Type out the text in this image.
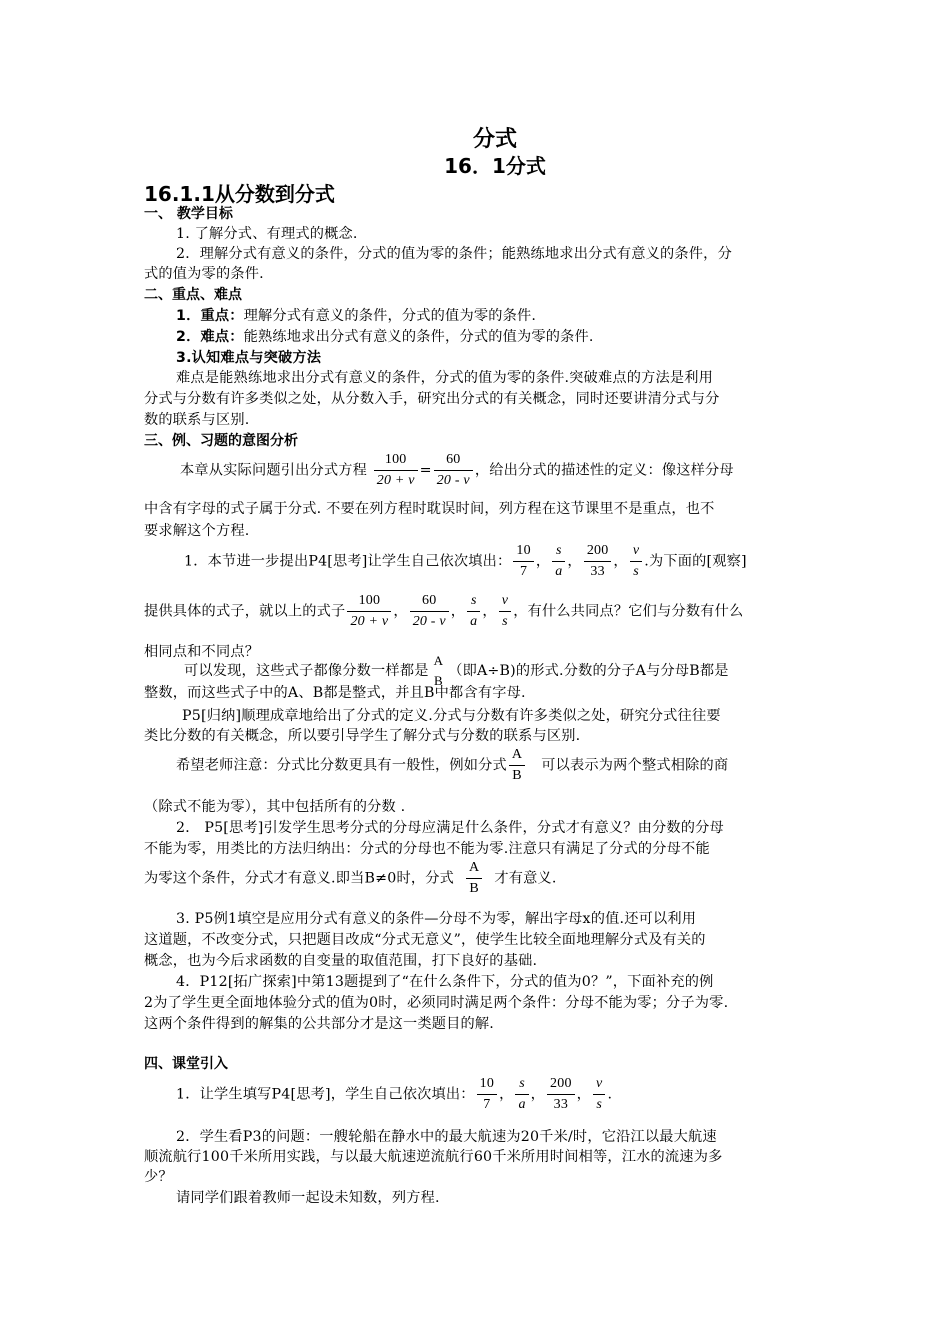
分式
16．1分式
16.1.1从分数到分式
一、 教学目标
1. 了解分式、有理式的概念.
2．理解分式有意义的条件，分式的值为零的条件；能熟练地求出分式有意义的条件，分
式的值为零的条件.
二、重点、难点
1．重点：理解分式有意义的条件，分式的值为零的条件.
2．难点：能熟练地求出分式有意义的条件，分式的值为零的条件.
3.认知难点与突破方法
难点是能熟练地求出分式有意义的条件，分式的值为零的条件.突破难点的方法是利用
分式与分数有许多类似之处，从分数入手，研究出分式的有关概念，同时还要讲清分式与分
数的联系与区别.
三、例、习题的意图分析
本章从实际问题引出分式方程 $\frac{100}{20 + v} = \frac{60}{20 - v}$ ，给出分式的描述性的定义：像这样分母
中含有字母的式子属于分式. 不要在列方程时耽误时间，列方程在这节课里不是重点，也不
要求解这个方程.
1．本节进一步提出P4[思考]让学生自己依次填出： $\frac{10}{7}$ ， $\frac{s}{a}$ ， $\frac{200}{33}$ ， $\frac{v}{s}$ .为下面的[观察]
提供具体的式子，就以上的式子 $\frac{100}{20 + v}$ ， $\frac{60}{20 - v}$ ， $\frac{s}{a}$ ， $\frac{v}{s}$ ，有什么共同点？它们与分数有什么
相同点和不同点？
可以发现，这些式子都像分数一样都是
A
B
（即A÷B)的形式.分数的分子A与分母B都是
整数，而这些式子中的A、B都是整式，并且B中都含有字母.
P5[归纳]顺理成章地给出了分式的定义.分式与分数有许多类似之处，研究分式往往要
类比分数的有关概念，所以要引导学生了解分式与分数的联系与区别.
希望老师注意：分式比分数更具有一般性，例如分式 $\frac{A}{B}$ 可以表示为两个整式相除的商
（除式不能为零），其中包括所有的分数 .
2． P5[思考]引发学生思考分式的分母应满足什么条件，分式才有意义？由分数的分母
不能为零，用类比的方法归纳出：分式的分母也不能为零.注意只有满足了分式的分母不能
为零这个条件，分式才有意义.即当B≠0时，分式 $\frac{A}{B}$ 才有意义.
3. P5例1填空是应用分式有意义的条件—分母不为零，解出字母x的值.还可以利用
这道题，不改变分式，只把题目改成“分式无意义”，使学生比较全面地理解分式及有关的
概念，也为今后求函数的自变量的取值范围，打下良好的基础.
4．P12[拓广探索]中第13题提到了“在什么条件下，分式的值为0？”，下面补充的例
2为了学生更全面地体验分式的值为0时，必须同时满足两个条件：分母不能为零；分子为零.
这两个条件得到的解集的公共部分才是这一类题目的解.
四、课堂引入
1．让学生填写P4[思考]，学生自己依次填出： $\frac{10}{7}$ ， $\frac{s}{a}$ ， $\frac{200}{33}$ ， $\frac{v}{s}$ .
2．学生看P3的问题：一艘轮船在静水中的最大航速为20千米/时，它沿江以最大航速
顺流航行100千米所用实践，与以最大航速逆流航行60千米所用时间相等，江水的流速为多
少？
请同学们跟着教师一起设未知数，列方程.
